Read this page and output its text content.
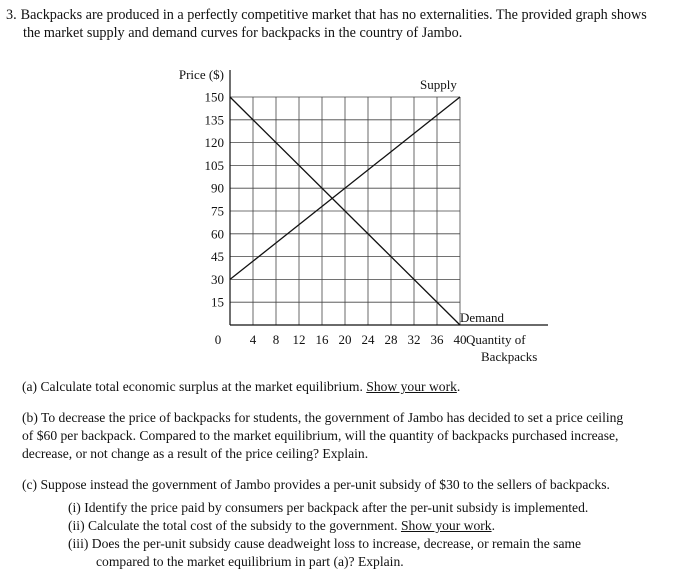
3. Backpacks are produced in a perfectly competitive market that has no externalities. The provided graph shows
the market supply and demand curves for backpacks in the country of Jambo.

15
30
45
60
75
90
105
120
135
150
4 8 12 16 20 24 28 32 36 40
Supply
Demand
Price ($)
0	Quantity of
Backpacks

(a) Calculate total economic surplus at the market equilibrium. Show your work.

(b) To decrease the price of backpacks for students, the government of Jambo has decided to set a price ceiling
of $60 per backpack. Compared to the market equilibrium, will the quantity of backpacks purchased increase,
decrease, or not change as a result of the price ceiling? Explain.

(c) Suppose instead the government of Jambo provides a per-unit subsidy of $30 to the sellers of backpacks.

(i) Identify the price paid by consumers per backpack after the per-unit subsidy is implemented.

(ii) Calculate the total cost of the subsidy to the government. Show your work.

(iii) Does the per-unit subsidy cause deadweight loss to increase, decrease, or remain the same
compared to the market equilibrium in part (a)? Explain.
